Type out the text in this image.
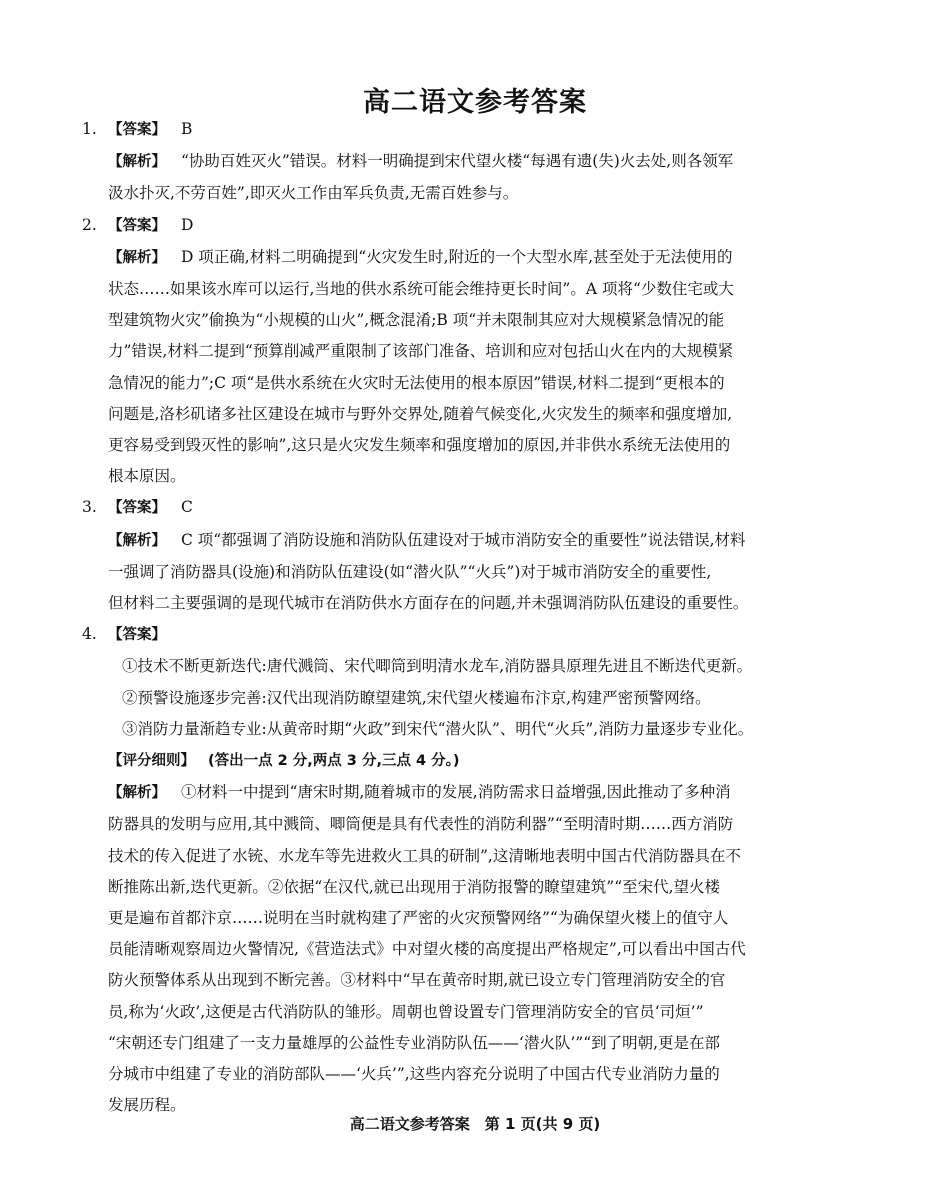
高二语文参考答案
1. 【答案】 B
【解析】 “协助百姓灭火”错误。材料一明确提到宋代望火楼“每遇有遗(失)火去处,则各领军
汲水扑灭,不劳百姓”,即灭火工作由军兵负责,无需百姓参与。
2. 【答案】 D
【解析】 D 项正确,材料二明确提到“火灾发生时,附近的一个大型水库,甚至处于无法使用的
状态……如果该水库可以运行,当地的供水系统可能会维持更长时间”。A 项将“少数住宅或大
型建筑物火灾”偷换为“小规模的山火”,概念混淆;B 项“并未限制其应对大规模紧急情况的能
力”错误,材料二提到“预算削减严重限制了该部门准备、培训和应对包括山火在内的大规模紧
急情况的能力”;C 项“是供水系统在火灾时无法使用的根本原因”错误,材料二提到“更根本的
问题是,洛杉矶诸多社区建设在城市与野外交界处,随着气候变化,火灾发生的频率和强度增加,
更容易受到毁灭性的影响”,这只是火灾发生频率和强度增加的原因,并非供水系统无法使用的
根本原因。
3. 【答案】 C
【解析】 C 项“都强调了消防设施和消防队伍建设对于城市消防安全的重要性”说法错误,材料
一强调了消防器具(设施)和消防队伍建设(如“潜火队”“火兵”)对于城市消防安全的重要性,
但材料二主要强调的是现代城市在消防供水方面存在的问题,并未强调消防队伍建设的重要性。
4. 【答案】
①技术不断更新迭代:唐代溅筒、宋代唧筒到明清水龙车,消防器具原理先进且不断迭代更新。
②预警设施逐步完善:汉代出现消防瞭望建筑,宋代望火楼遍布汴京,构建严密预警网络。
③消防力量渐趋专业:从黄帝时期“火政”到宋代“潜火队”、明代“火兵”,消防力量逐步专业化。
【评分细则】 (答出一点 2 分,两点 3 分,三点 4 分。)
【解析】 ①材料一中提到“唐宋时期,随着城市的发展,消防需求日益增强,因此推动了多种消
防器具的发明与应用,其中溅筒、唧筒便是具有代表性的消防利器”“至明清时期……西方消防
技术的传入促进了水铳、水龙车等先进救火工具的研制”,这清晰地表明中国古代消防器具在不
断推陈出新,迭代更新。②依据“在汉代,就已出现用于消防报警的瞭望建筑”“至宋代,望火楼
更是遍布首都汴京……说明在当时就构建了严密的火灾预警网络”“为确保望火楼上的值守人
员能清晰观察周边火警情况,《营造法式》中对望火楼的高度提出严格规定”,可以看出中国古代
防火预警体系从出现到不断完善。③材料中“早在黄帝时期,就已设立专门管理消防安全的官
员,称为‘火政’,这便是古代消防队的雏形。周朝也曾设置专门管理消防安全的官员‘司烜’”
“宋朝还专门组建了一支力量雄厚的公益性专业消防队伍——‘潜火队’”“到了明朝,更是在部
分城市中组建了专业的消防部队——‘火兵’”,这些内容充分说明了中国古代专业消防力量的
发展历程。
高二语文参考答案　第 1 页(共 9 页)
